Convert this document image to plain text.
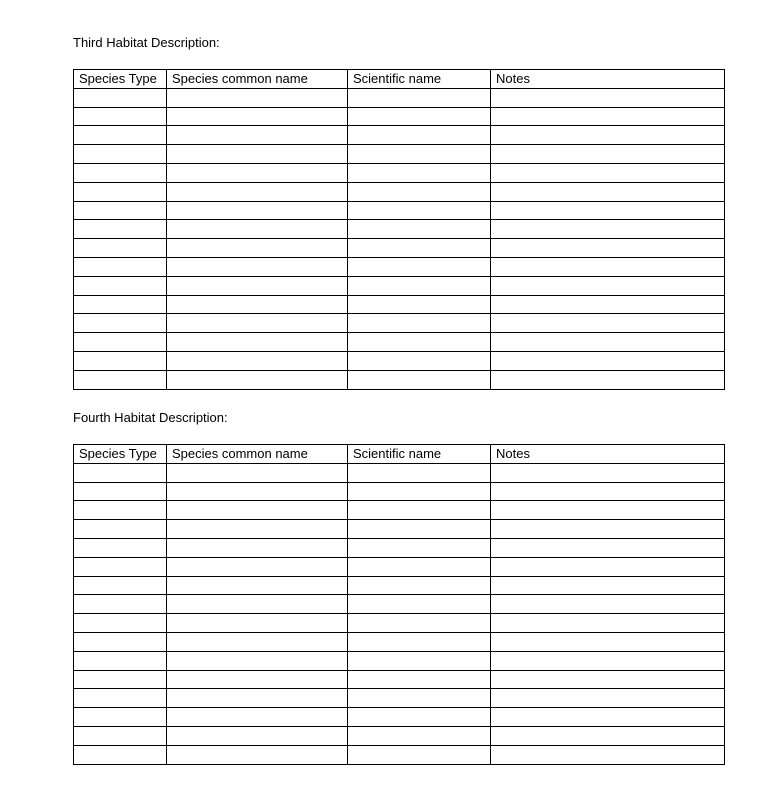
Third Habitat Description:
Species Type	Species common name	Scientific name	Notes

Fourth Habitat Description:
Species Type	Species common name	Scientific name	Notes
